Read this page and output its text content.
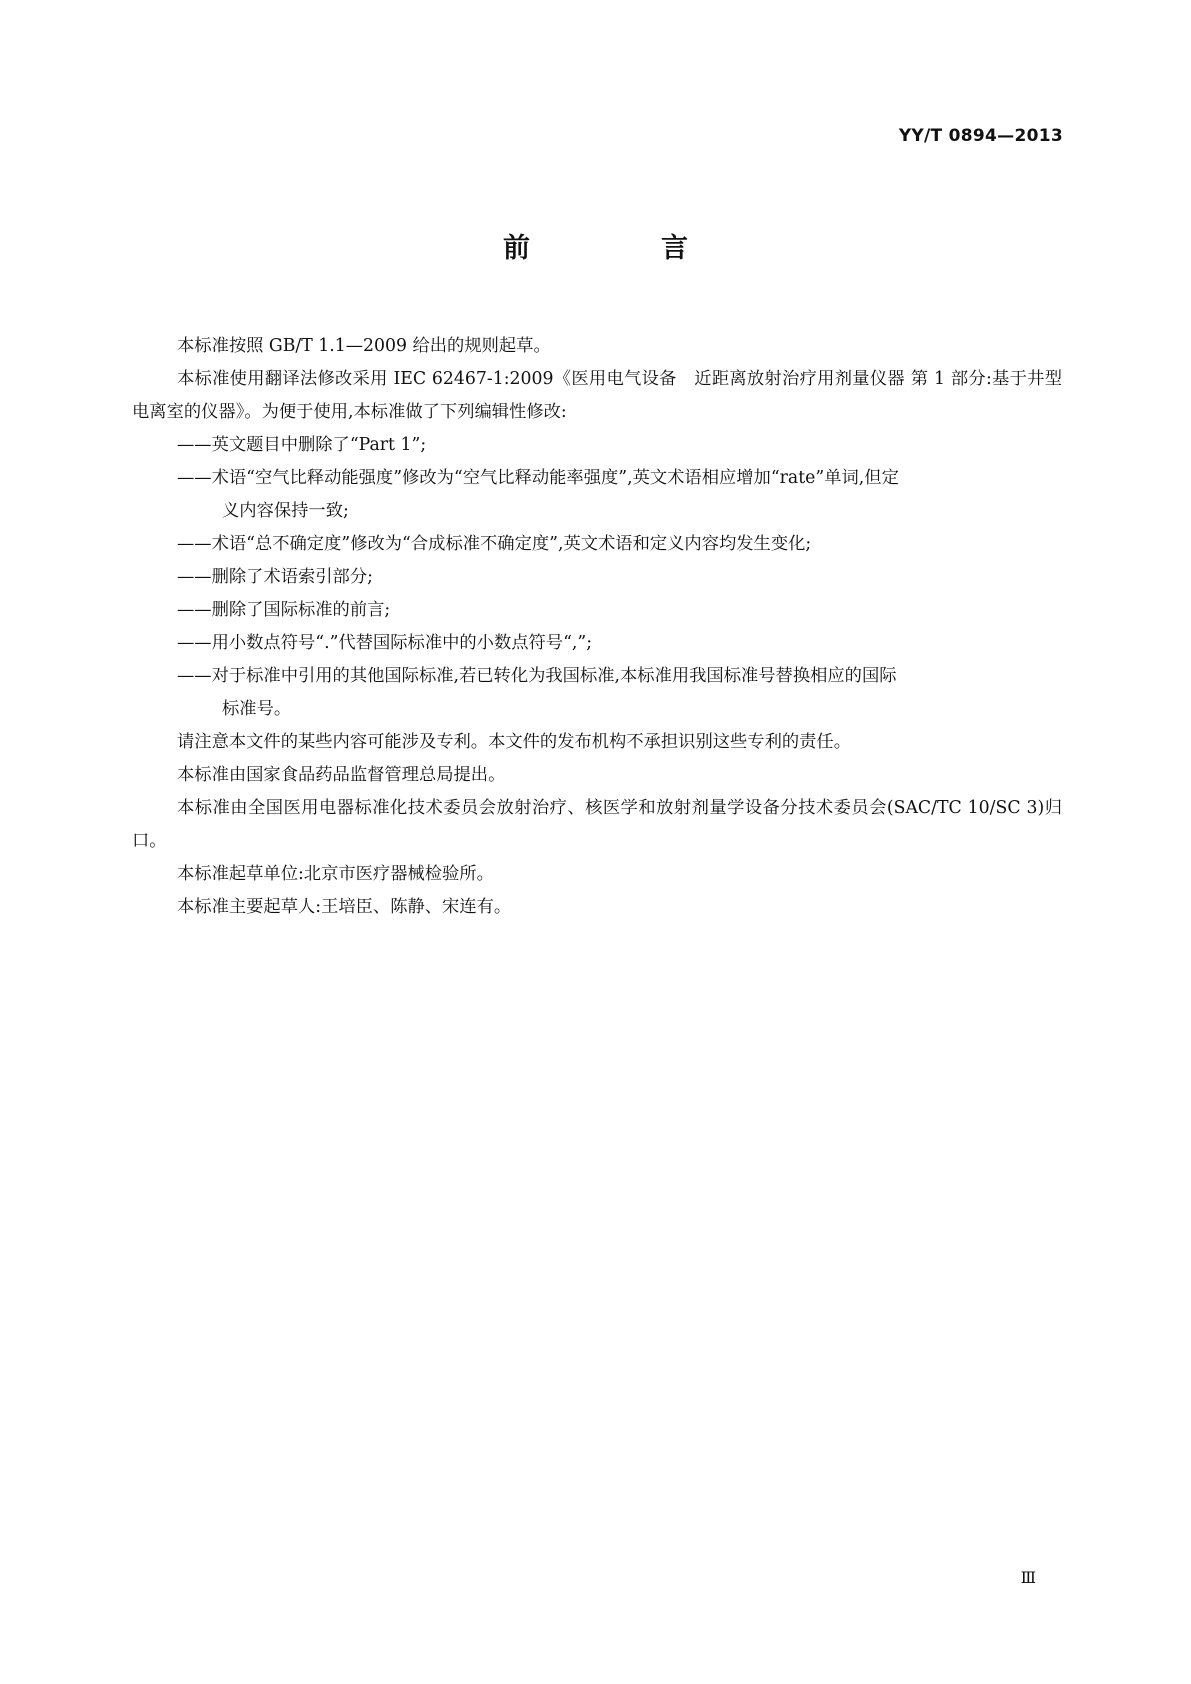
YY/T 0894—2013
前　言

本标准按照 GB/T 1.1—2009 给出的规则起草。

本标准使用翻译法修改采用 IEC 62467-1:2009《医用电气设备　近距离放射治疗用剂量仪器 第 1 部分:基于井型电离室的仪器》。为便于使用,本标准做了下列编辑性修改:

——英文题目中删除了“Part 1”;
——术语“空气比释动能强度”修改为“空气比释动能率强度”,英文术语相应增加“rate”单词,但定
义内容保持一致;
——术语“总不确定度”修改为“合成标准不确定度”,英文术语和定义内容均发生变化;
——删除了术语索引部分;
——删除了国际标准的前言;
——用小数点符号“.”代替国际标准中的小数点符号“,”;
——对于标准中引用的其他国际标准,若已转化为我国标准,本标准用我国标准号替换相应的国际
标准号。

请注意本文件的某些内容可能涉及专利。本文件的发布机构不承担识别这些专利的责任。

本标准由国家食品药品监督管理总局提出。

本标准由全国医用电器标准化技术委员会放射治疗、核医学和放射剂量学设备分技术委员会(SAC/TC 10/SC 3)归口。

本标准起草单位:北京市医疗器械检验所。

本标准主要起草人:王培臣、陈静、宋连有。

Ⅲ
